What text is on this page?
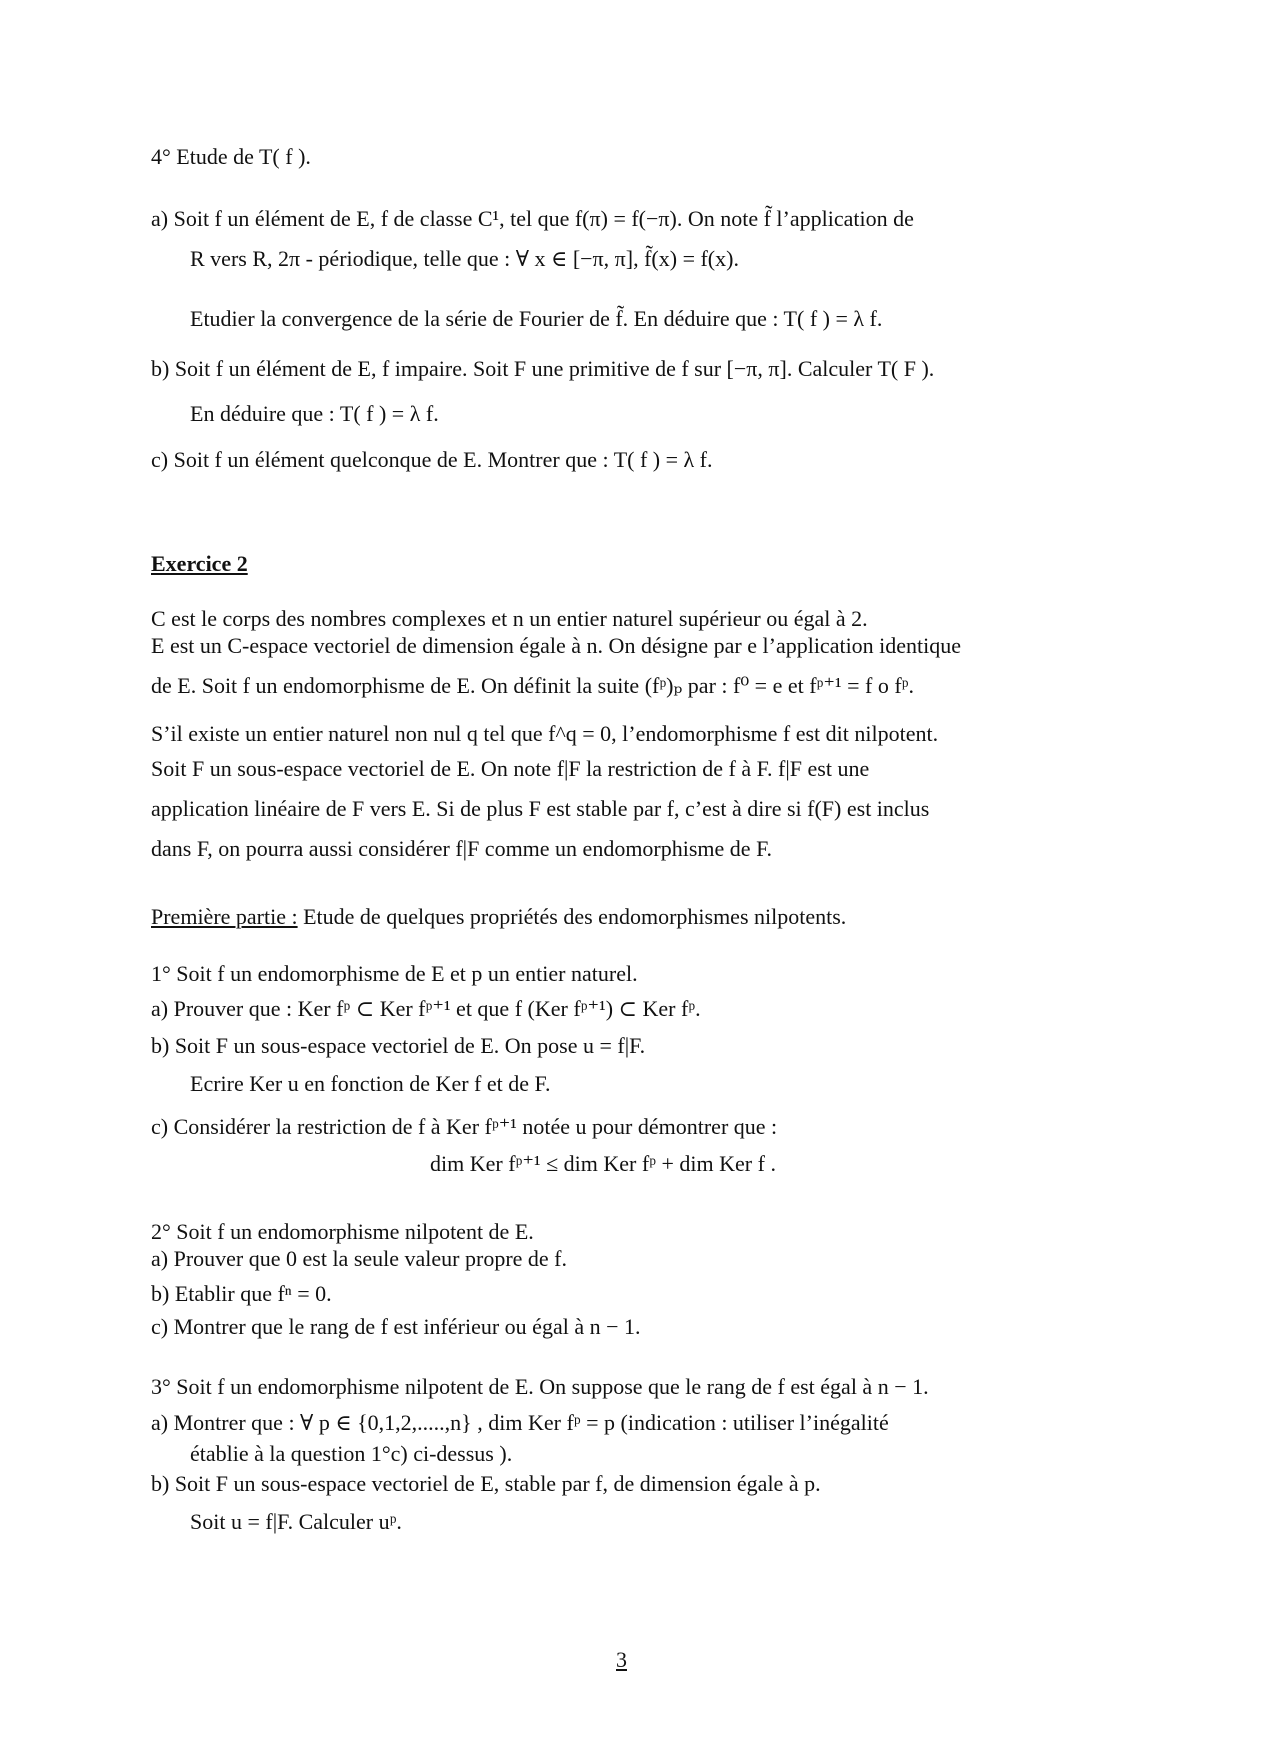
4° Etude de T( f ).
a) Soit f un élément de E, f de classe C¹, tel que f(π) = f(−π). On note f̃ l’application de
R vers R, 2π - périodique, telle que : ∀ x ∈ [−π, π], f̃(x) = f(x).
Etudier la convergence de la série de Fourier de f̃. En déduire que : T( f ) = λ f.
b) Soit f un élément de E, f impaire. Soit F une primitive de f sur [−π, π]. Calculer T( F ).
En déduire que : T( f ) = λ f.
c) Soit f un élément quelconque de E. Montrer que : T( f ) = λ f.
Exercice 2
C est le corps des nombres complexes et n un entier naturel supérieur ou égal à 2.
E est un C-espace vectoriel de dimension égale à n. On désigne par e l’application identique
de E. Soit f un endomorphisme de E. On définit la suite (fᵖ)ₚ par : f⁰ = e et fᵖ⁺¹ = f o fᵖ.
S’il existe un entier naturel non nul q tel que f^q = 0, l’endomorphisme f est dit nilpotent.
Soit F un sous-espace vectoriel de E. On note f|F la restriction de f à F. f|F est une
application linéaire de F vers E. Si de plus F est stable par f, c’est à dire si f(F) est inclus
dans F, on pourra aussi considérer f|F comme un endomorphisme de F.
Première partie : Etude de quelques propriétés des endomorphismes nilpotents.
1° Soit f un endomorphisme de E et p un entier naturel.
a) Prouver que : Ker fᵖ ⊂ Ker fᵖ⁺¹ et que f (Ker fᵖ⁺¹) ⊂ Ker fᵖ.
b) Soit F un sous-espace vectoriel de E. On pose u = f|F.
Ecrire Ker u en fonction de Ker f et de F.
c) Considérer la restriction de f à Ker fᵖ⁺¹ notée u pour démontrer que :
dim Ker fᵖ⁺¹ ≤ dim Ker fᵖ + dim Ker f .
2° Soit f un endomorphisme nilpotent de E.
a) Prouver que 0 est la seule valeur propre de f.
b) Etablir que fⁿ = 0.
c) Montrer que le rang de f est inférieur ou égal à n − 1.
3° Soit f un endomorphisme nilpotent de E. On suppose que le rang de f est égal à n − 1.
a) Montrer que : ∀ p ∈ {0,1,2,.....,n} , dim Ker fᵖ = p (indication : utiliser l’inégalité
établie à la question 1°c) ci-dessus ).
b) Soit F un sous-espace vectoriel de E, stable par f, de dimension égale à p.
Soit u = f|F. Calculer uᵖ.
3
